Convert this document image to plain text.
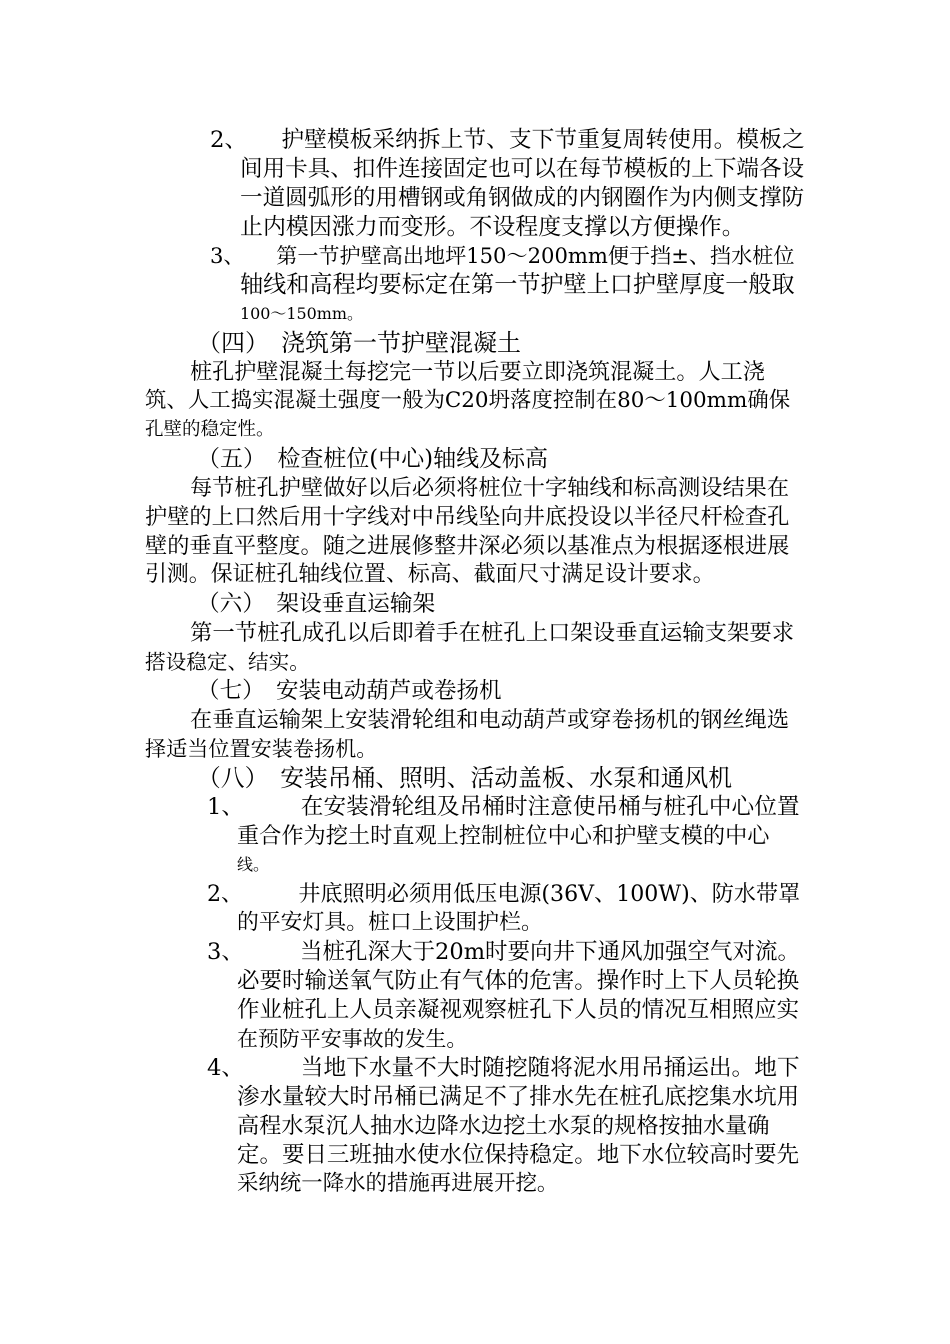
2、　　护壁模板采纳拆上节、支下节重复周转使用。模板之
间用卡具、扣件连接固定也可以在每节模板的上下端各设
一道圆弧形的用槽钢或角钢做成的内钢圈作为内侧支撑防
止内模因涨力而变形。不设程度支撑以方便操作。
3、　　第一节护壁高出地坪150～200mm便于挡±、挡水桩位
轴线和高程均要标定在第一节护壁上口护壁厚度一般取
100～150mm。
（四）　浇筑第一节护壁混凝土
桩孔护壁混凝土每挖完一节以后要立即浇筑混凝土。人工浇
筑、人工捣实混凝土强度一般为C20坍落度控制在80～100mm确保
孔壁的稳定性。
（五）　检查桩位(中心)轴线及标高
每节桩孔护壁做好以后必须将桩位十字轴线和标高测设结果在
护壁的上口然后用十字线对中吊线坠向井底投设以半径尺杆检查孔
壁的垂直平整度。随之进展修整井深必须以基准点为根据逐根进展
引测。保证桩孔轴线位置、标高、截面尺寸满足设计要求。
（六）　架设垂直运输架
第一节桩孔成孔以后即着手在桩孔上口架设垂直运输支架要求
搭设稳定、结实。
（七）　安装电动葫芦或卷扬机
在垂直运输架上安装滑轮组和电动葫芦或穿卷扬机的钢丝绳选
择适当位置安装卷扬机。
（八）　安装吊桶、照明、活动盖板、水泵和通风机
1、　　　在安装滑轮组及吊桶时注意使吊桶与桩孔中心位置
重合作为挖土时直观上控制桩位中心和护壁支模的中心
线。
2、　　　井底照明必须用低压电源(36V、100W)、防水带罩
的平安灯具。桩口上设围护栏。
3、　　　当桩孔深大于20m时要向井下通风加强空气对流。
必要时输送氧气防止有气体的危害。操作时上下人员轮换
作业桩孔上人员亲凝视观察桩孔下人员的情况互相照应实
在预防平安事故的发生。
4、　　　当地下水量不大时随挖随将泥水用吊捅运出。地下
渗水量较大时吊桶已满足不了排水先在桩孔底挖集水坑用
高程水泵沉人抽水边降水边挖土水泵的规格按抽水量确
定。要日三班抽水使水位保持稳定。地下水位较高时要先
采纳统一降水的措施再进展开挖。
